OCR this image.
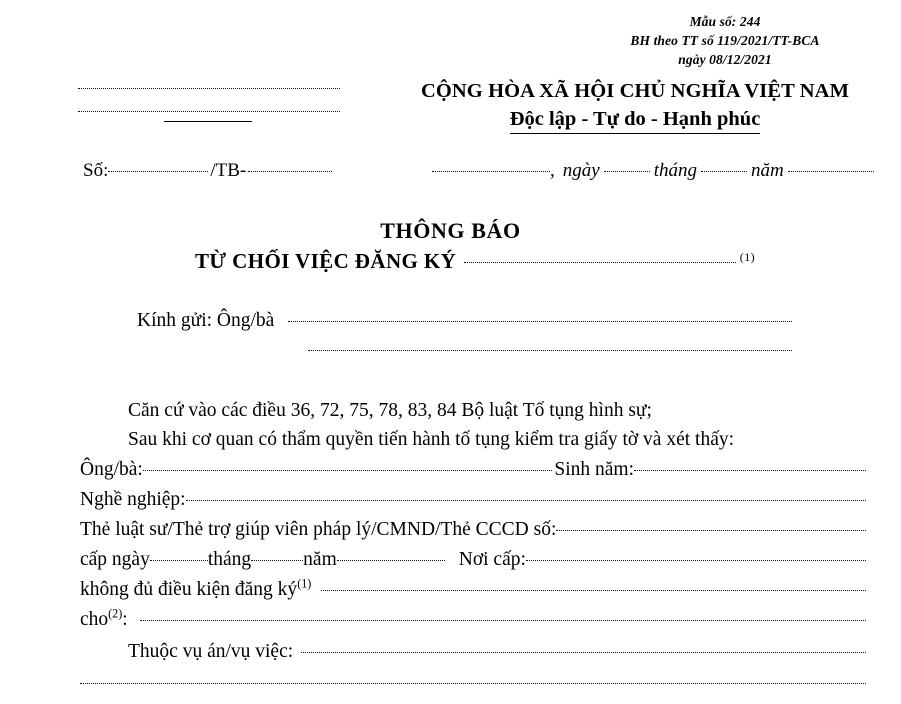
Mẫu số: 244
BH theo TT số 119/2021/TT-BCA
ngày 08/12/2021
CỘNG HÒA XÃ HỘI CHỦ NGHĨA VIỆT NAM
Độc lập - Tự do - Hạnh phúc
Số:	/TB-	, ngày	tháng	năm
THÔNG BÁO
TỪ CHỐI VIỆC ĐĂNG KÝ	(1)
Kính gửi: Ông/bà
Căn cứ vào các điều 36, 72, 75, 78, 83, 84 Bộ luật Tố tụng hình sự;
Sau khi cơ quan có thẩm quyền tiến hành tố tụng kiểm tra giấy tờ và xét thấy:
Ông/bà:	Sinh năm:
Nghề nghiệp:
Thẻ luật sư/Thẻ trợ giúp viên pháp lý/CMND/Thẻ CCCD số:
cấp ngày	tháng	năm	Nơi cấp:
không đủ điều kiện đăng ký $^{(1)}$
cho $^{(2)}$ :
Thuộc vụ án/vụ việc:
